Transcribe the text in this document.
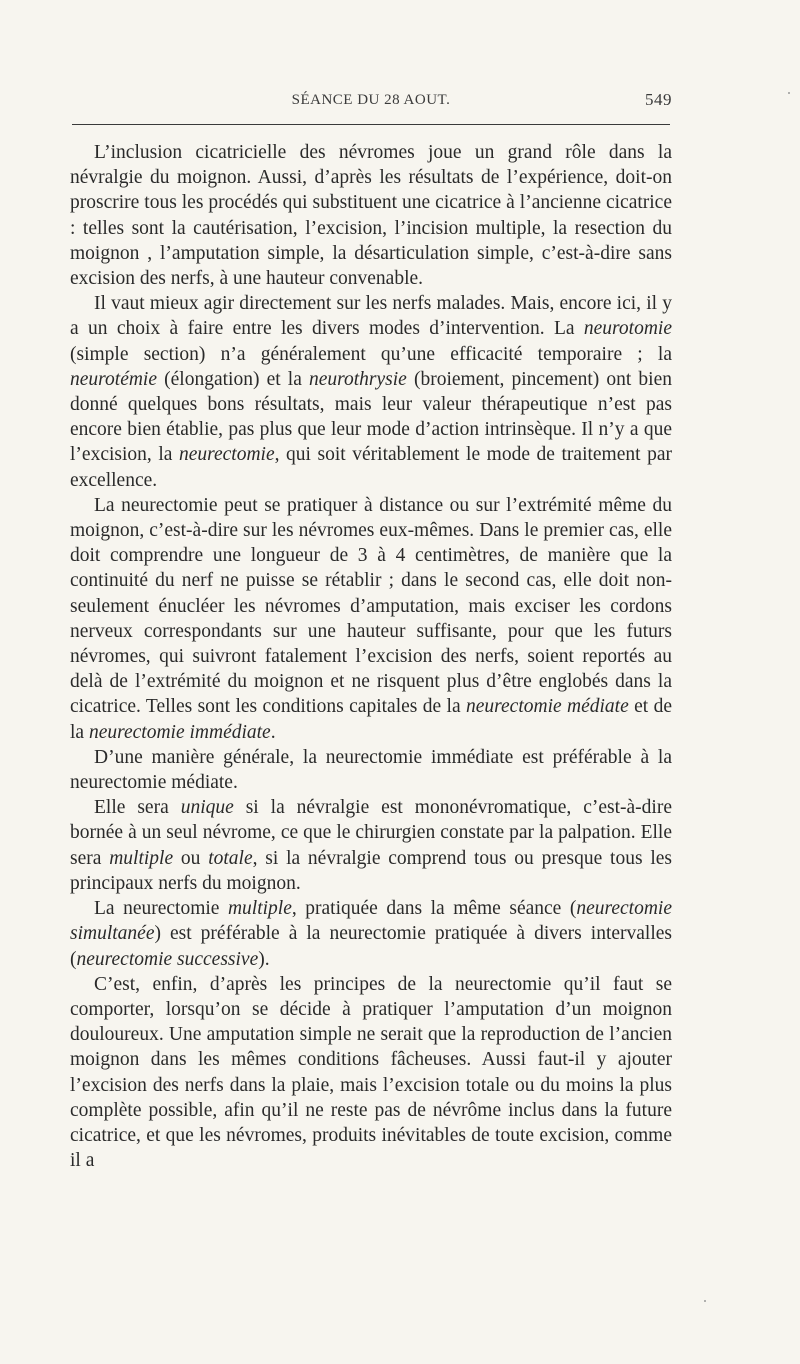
SÉANCE DU 28 AOUT.	549

L’inclusion cicatricielle des névromes joue un grand rôle dans la névralgie du moignon. Aussi, d’après les résultats de l’expérience, doit-on proscrire tous les procédés qui substituent une cicatrice à l’ancienne cicatrice : telles sont la cautérisation, l’excision, l’incision multiple, la resection du moignon , l’amputation simple, la désarticulation simple, c’est-à-dire sans excision des nerfs, à une hauteur convenable.

Il vaut mieux agir directement sur les nerfs malades. Mais, encore ici, il y a un choix à faire entre les divers modes d’intervention. La neurotomie (simple section) n’a généralement qu’une efficacité temporaire ; la neurotémie (élongation) et la neurothrysie (broiement, pincement) ont bien donné quelques bons résultats, mais leur valeur thérapeutique n’est pas encore bien établie, pas plus que leur mode d’action intrinsèque. Il n’y a que l’excision, la neurectomie, qui soit véritablement le mode de traitement par excellence.

La neurectomie peut se pratiquer à distance ou sur l’extrémité même du moignon, c’est-à-dire sur les névromes eux-mêmes. Dans le premier cas, elle doit comprendre une longueur de 3 à 4 centimètres, de manière que la continuité du nerf ne puisse se rétablir ; dans le second cas, elle doit non-seulement énucléer les névromes d’amputation, mais exciser les cordons nerveux correspondants sur une hauteur suffisante, pour que les futurs névromes, qui suivront fatalement l’excision des nerfs, soient reportés au delà de l’extrémité du moignon et ne risquent plus d’être englobés dans la cicatrice. Telles sont les conditions capitales de la neurectomie médiate et de la neurectomie immédiate.

D’une manière générale, la neurectomie immédiate est préférable à la neurectomie médiate.

Elle sera unique si la névralgie est mononévromatique, c’est-à-dire bornée à un seul névrome, ce que le chirurgien constate par la palpation. Elle sera multiple ou totale, si la névralgie comprend tous ou presque tous les principaux nerfs du moignon.

La neurectomie multiple, pratiquée dans la même séance (neurectomie simultanée) est préférable à la neurectomie pratiquée à divers intervalles (neurectomie successive).

C’est, enfin, d’après les principes de la neurectomie qu’il faut se comporter, lorsqu’on se décide à pratiquer l’amputation d’un moignon douloureux. Une amputation simple ne serait que la reproduction de l’ancien moignon dans les mêmes conditions fâcheuses. Aussi faut-il y ajouter l’excision des nerfs dans la plaie, mais l’excision totale ou du moins la plus complète possible, afin qu’il ne reste pas de névrôme inclus dans la future cicatrice, et que les névromes, produits inévitables de toute excision, comme il a
